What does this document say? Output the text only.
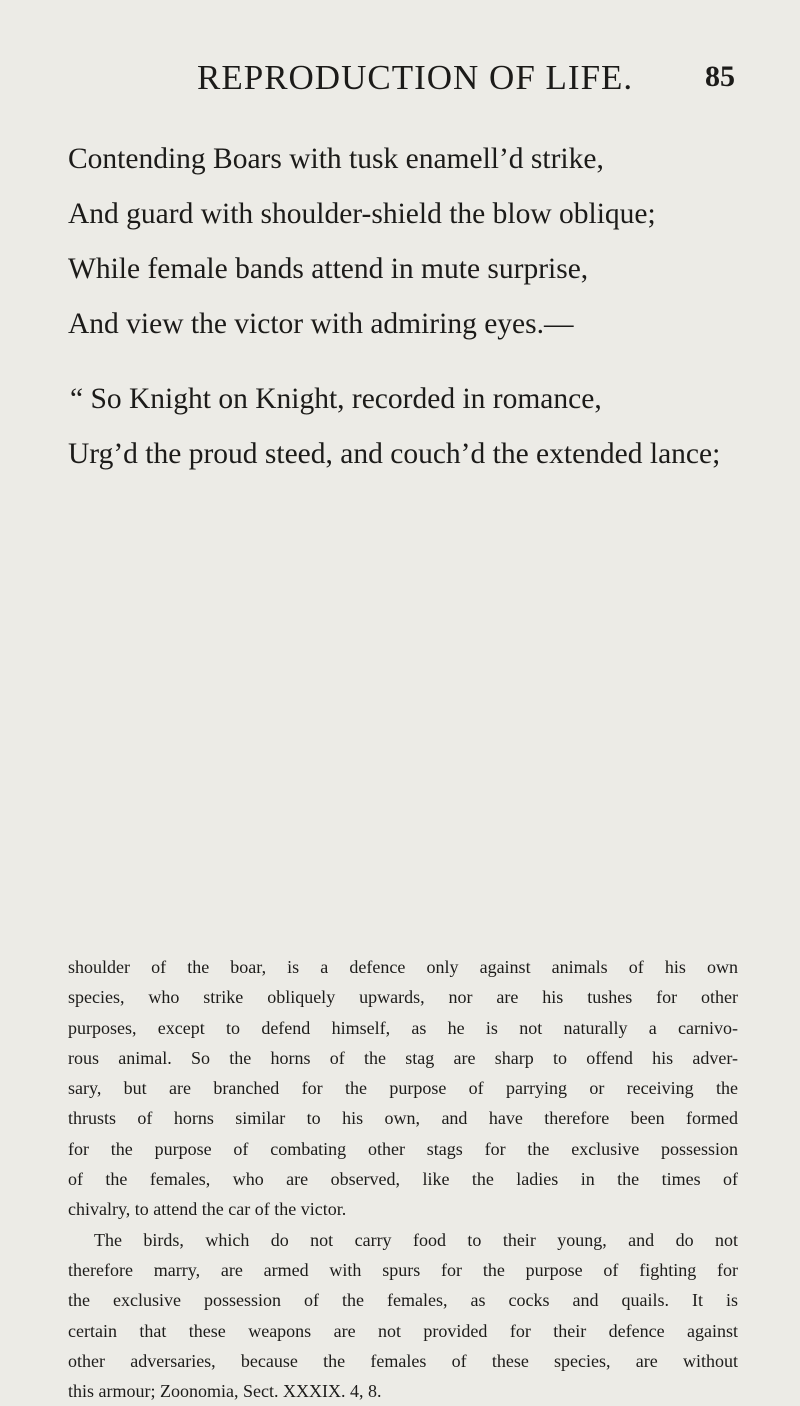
REPRODUCTION OF LIFE. 85
Contending Boars with tusk enamell’d strike,
And guard with shoulder-shield the blow oblique;
While female bands attend in mute surprise,
And view the victor with admiring eyes.—
“ So Knight on Knight, recorded in romance,
Urg’d the proud steed, and couch’d the extended lance;

shoulder of the boar, is a defence only against animals of his own
species, who strike obliquely upwards, nor are his tushes for other
purposes, except to defend himself, as he is not naturally a carnivo-
rous animal. So the horns of the stag are sharp to offend his adver-
sary, but are branched for the purpose of parrying or receiving the
thrusts of horns similar to his own, and have therefore been formed
for the purpose of combating other stags for the exclusive possession
of the females, who are observed, like the ladies in the times of
chivalry, to attend the car of the victor.

The birds, which do not carry food to their young, and do not
therefore marry, are armed with spurs for the purpose of fighting for
the exclusive possession of the females, as cocks and quails. It is
certain that these weapons are not provided for their defence against
other adversaries, because the females of these species, are without
this armour; Zoonomia, Sect. XXXIX. 4, 8.
